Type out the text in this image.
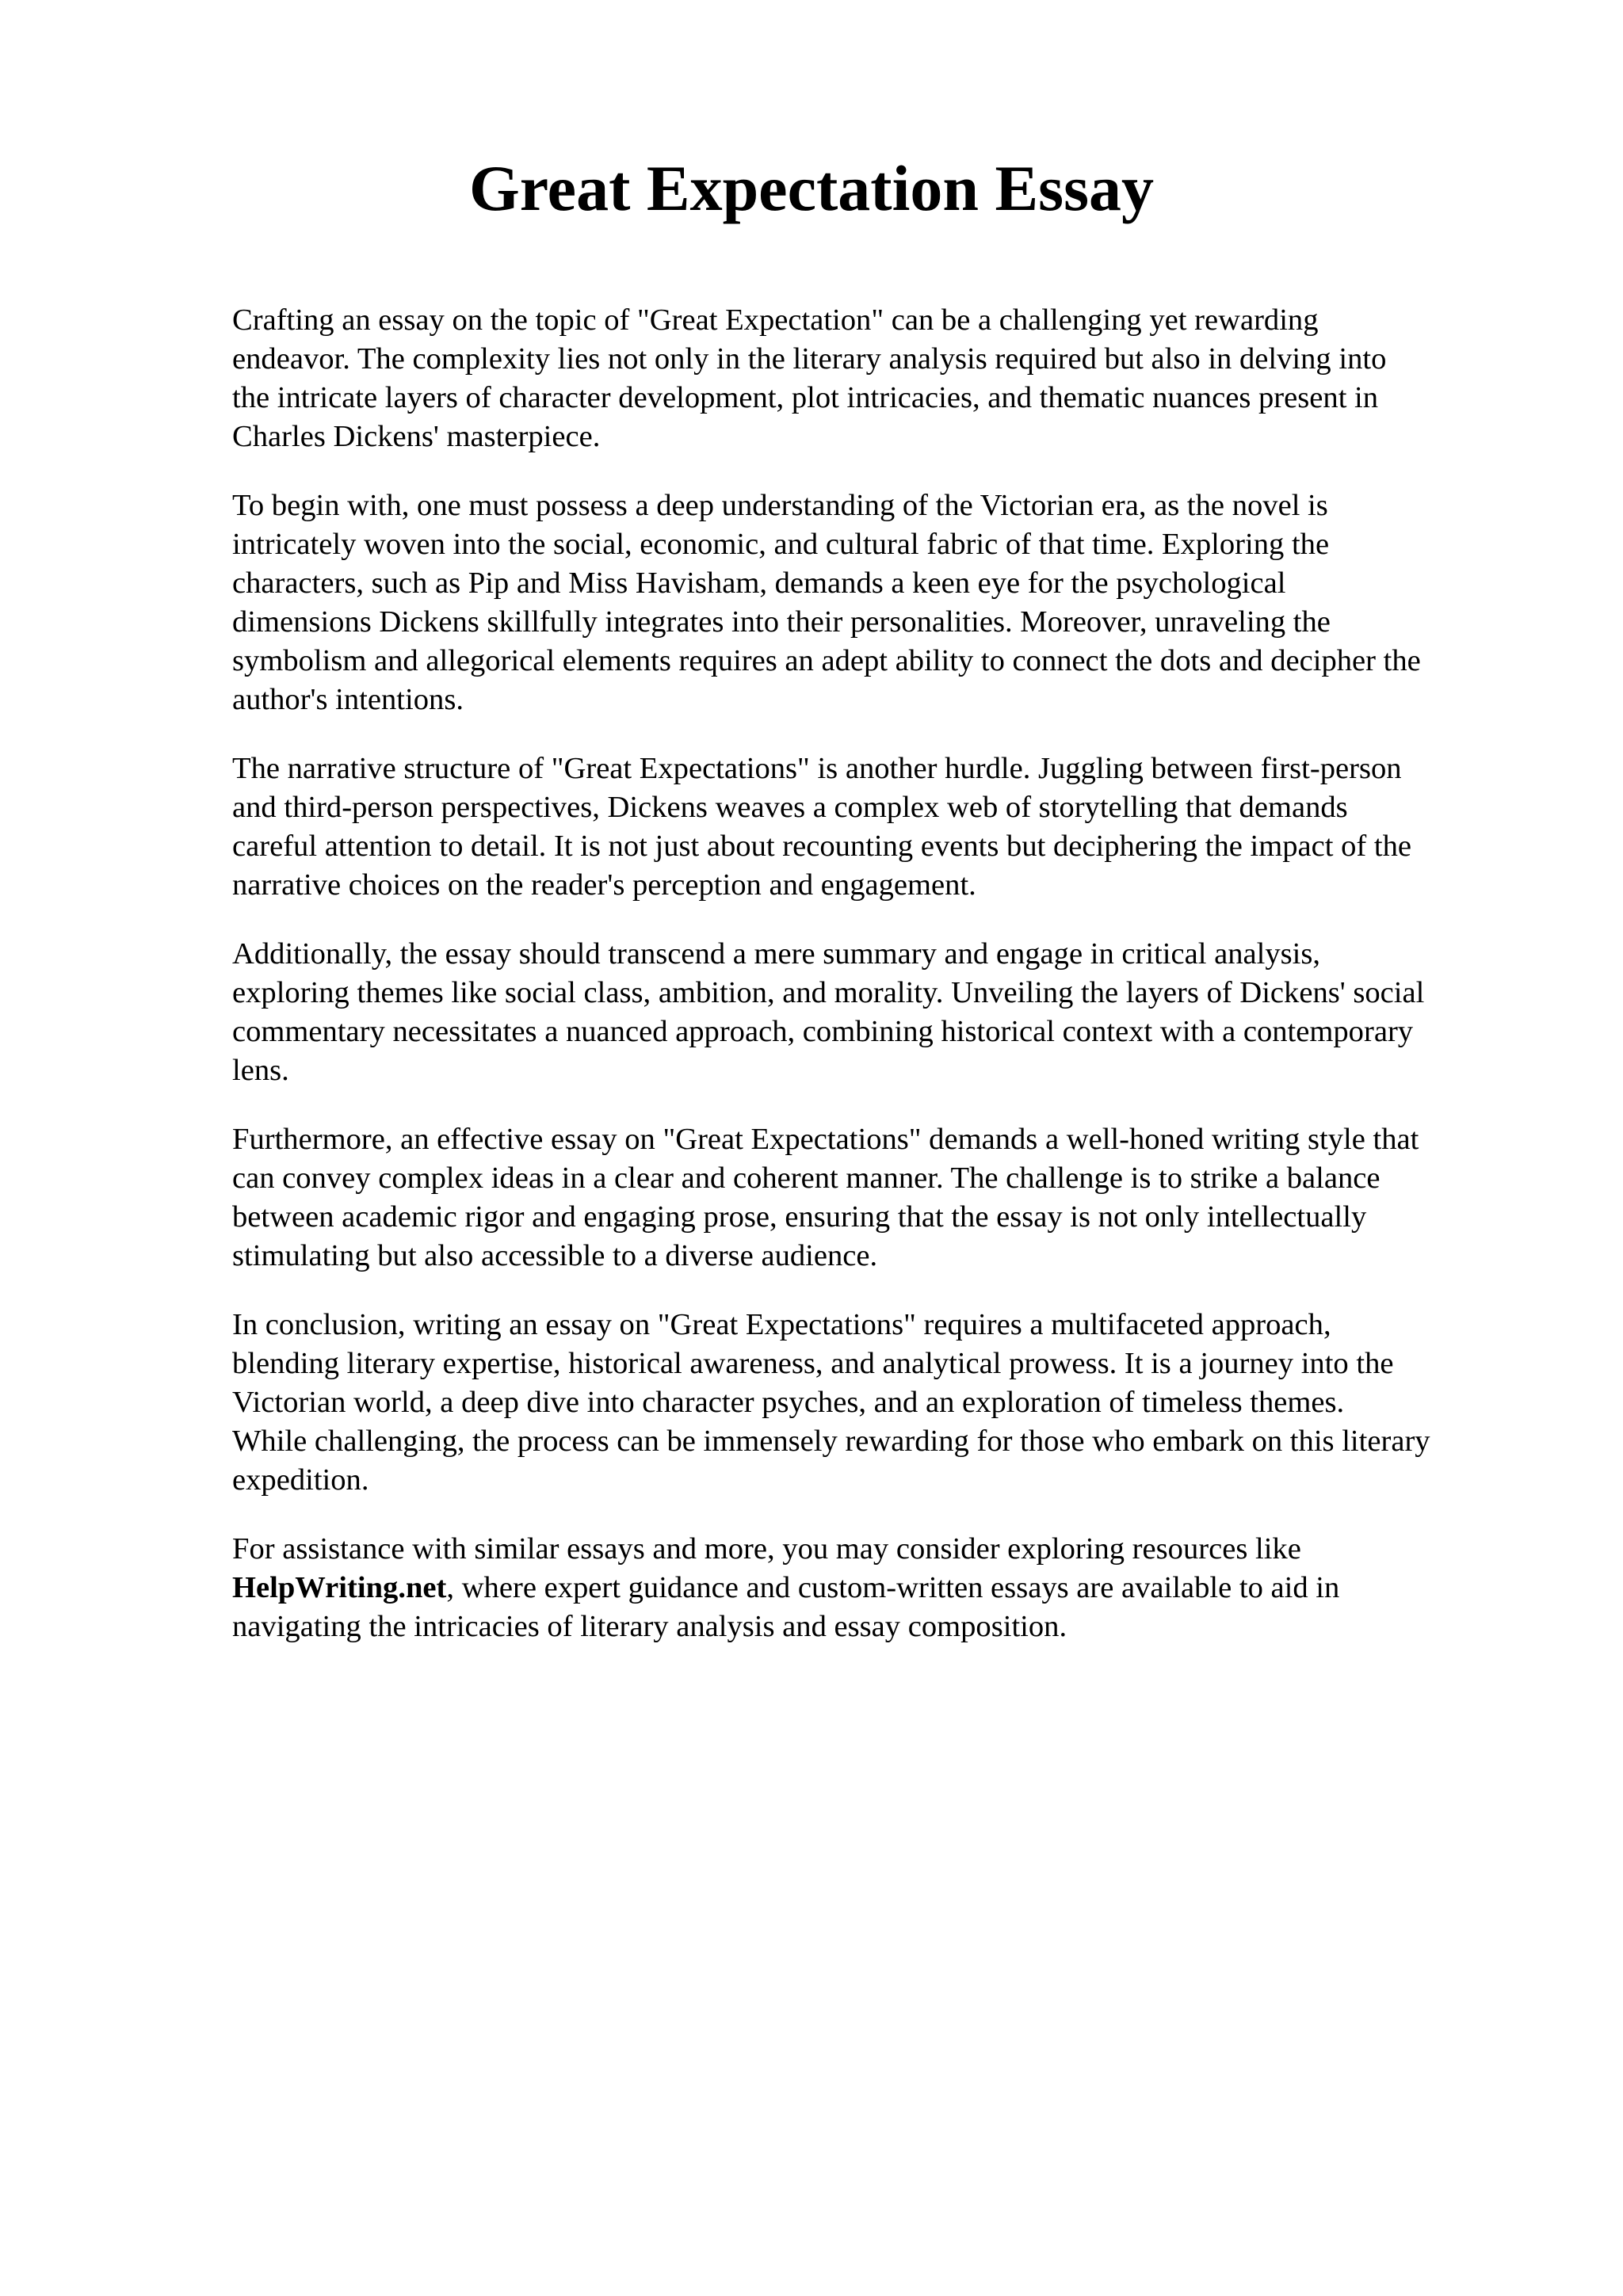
Great Expectation Essay

Crafting an essay on the topic of "Great Expectation" can be a challenging yet rewarding
endeavor. The complexity lies not only in the literary analysis required but also in delving into
the intricate layers of character development, plot intricacies, and thematic nuances present in
Charles Dickens' masterpiece.

To begin with, one must possess a deep understanding of the Victorian era, as the novel is
intricately woven into the social, economic, and cultural fabric of that time. Exploring the
characters, such as Pip and Miss Havisham, demands a keen eye for the psychological
dimensions Dickens skillfully integrates into their personalities. Moreover, unraveling the
symbolism and allegorical elements requires an adept ability to connect the dots and decipher the
author's intentions.

The narrative structure of "Great Expectations" is another hurdle. Juggling between first-person
and third-person perspectives, Dickens weaves a complex web of storytelling that demands
careful attention to detail. It is not just about recounting events but deciphering the impact of the
narrative choices on the reader's perception and engagement.

Additionally, the essay should transcend a mere summary and engage in critical analysis,
exploring themes like social class, ambition, and morality. Unveiling the layers of Dickens' social
commentary necessitates a nuanced approach, combining historical context with a contemporary
lens.

Furthermore, an effective essay on "Great Expectations" demands a well-honed writing style that
can convey complex ideas in a clear and coherent manner. The challenge is to strike a balance
between academic rigor and engaging prose, ensuring that the essay is not only intellectually
stimulating but also accessible to a diverse audience.

In conclusion, writing an essay on "Great Expectations" requires a multifaceted approach,
blending literary expertise, historical awareness, and analytical prowess. It is a journey into the
Victorian world, a deep dive into character psyches, and an exploration of timeless themes.
While challenging, the process can be immensely rewarding for those who embark on this literary
expedition.

For assistance with similar essays and more, you may consider exploring resources like
HelpWriting.net, where expert guidance and custom-written essays are available to aid in
navigating the intricacies of literary analysis and essay composition.
